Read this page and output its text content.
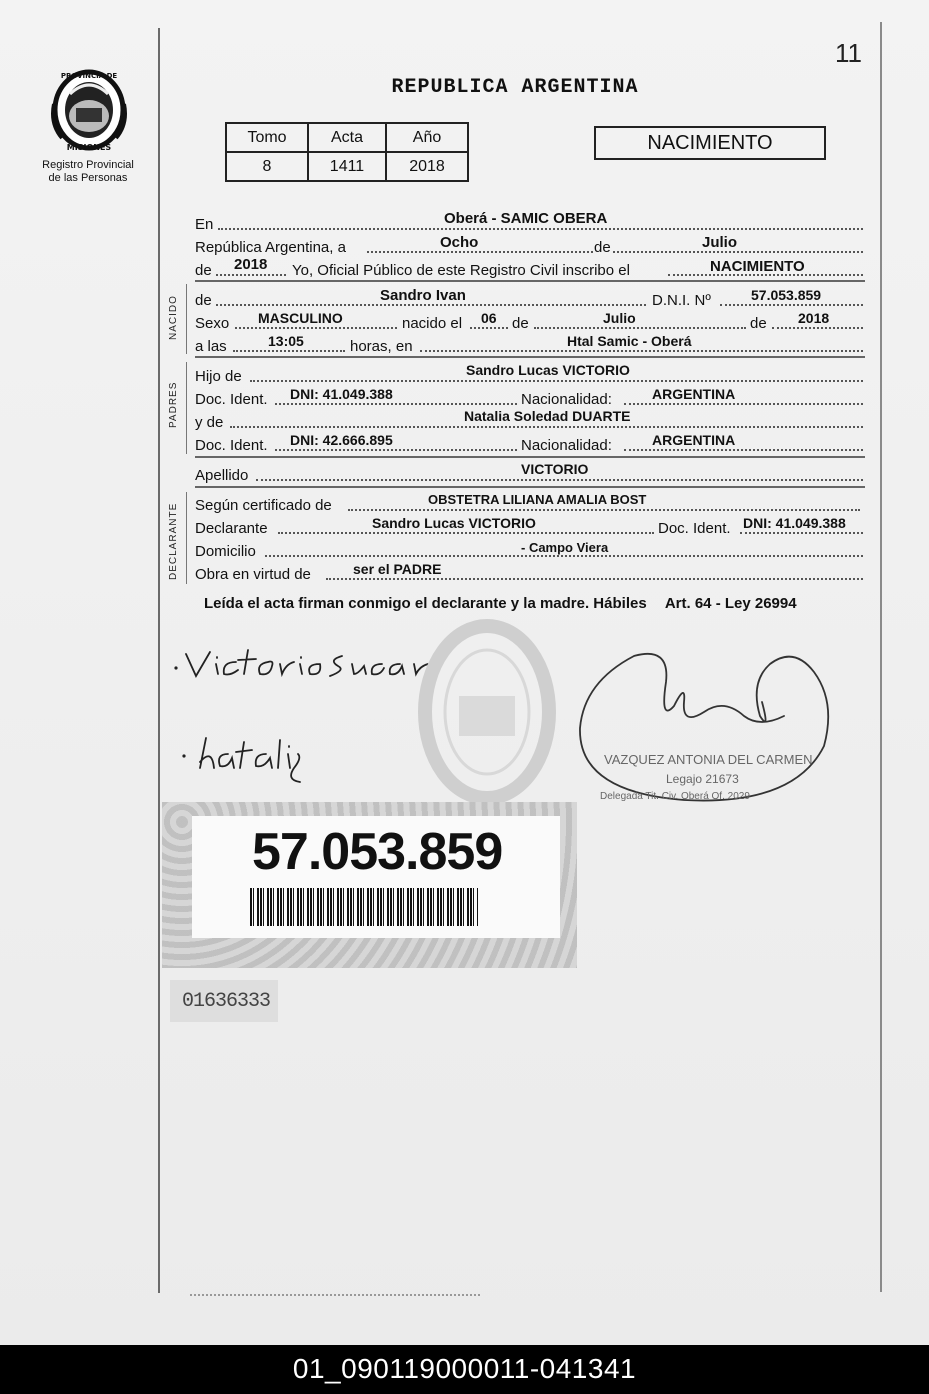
11
PROVINCIA DE
MISIONES
Registro Provincial
de las Personas
REPUBLICA ARGENTINA
Tomo	Acta	Año
8	1411	2018
NACIMIENTO
En	Oberá - SAMIC OBERA
República Argentina, a	Ocho	de	Julio
de 2018 Yo, Oficial Público de este Registro Civil inscribo el	NACIMIENTO
NACIDO de	Sandro Ivan	D.N.I. Nº	57.053.859
Sexo MASCULINO	nacido el 06 de	Julio	de 2018
a las	13:05	horas, en	Htal Samic - Oberá
PADRES
Hijo de	Sandro Lucas VICTORIO
Doc. Ident. DNI: 41.049.388	Nacionalidad:	ARGENTINA
y de	Natalia Soledad DUARTE
Doc. Ident. DNI: 42.666.895	Nacionalidad:	ARGENTINA
Apellido	VICTORIO
DECLARANTE Según certificado de	OBSTETRA LILIANA AMALIA BOST
Declarante	Sandro Lucas VICTORIO	Doc. Ident. DNI: 41.049.388
Domicilio	- Campo Viera
Obra en virtud de	ser el PADRE
Leída el acta firman conmigo el declarante y la madre. Hábiles Art. 64 - Ley 26994
Victorio Lucas
Natalia
VAZQUEZ ANTONIA DEL CARMEN
Legajo 21673
Delegada Tit. Civ. Oberá Of. 2029
57.053.859
01636333
01_090119000011-041341
